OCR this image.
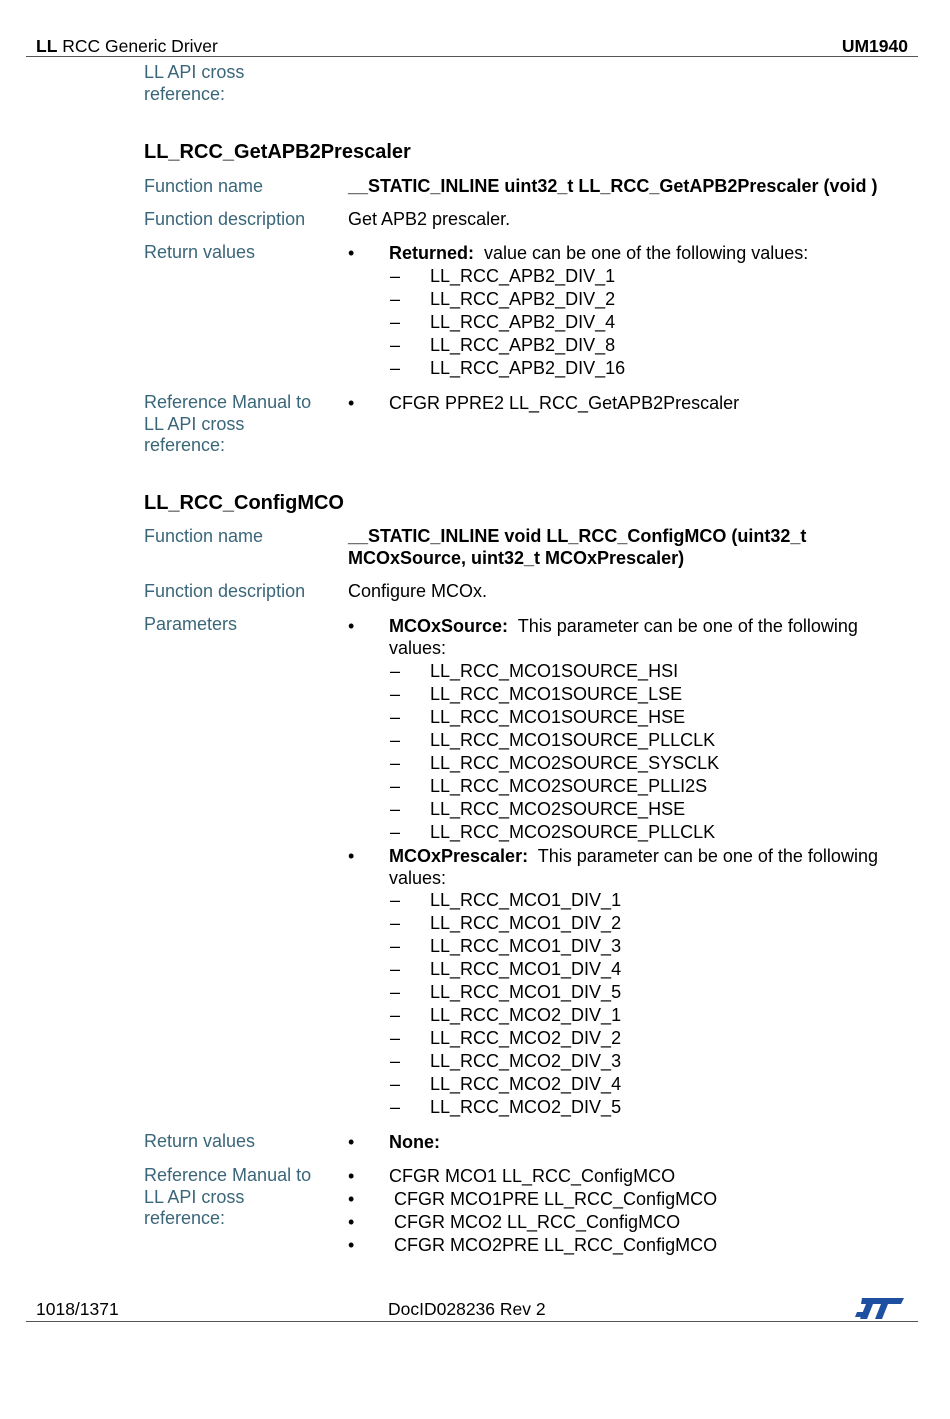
LL RCC Generic Driver	UM1940
LL API cross reference:
LL_RCC_GetAPB2Prescaler
Function name	__STATIC_INLINE uint32_t LL_RCC_GetAPB2Prescaler (void )
Function description	Get APB2 prescaler.
Return values	• Returned: value can be one of the following values:
– LL_RCC_APB2_DIV_1
– LL_RCC_APB2_DIV_2
– LL_RCC_APB2_DIV_4
– LL_RCC_APB2_DIV_8
– LL_RCC_APB2_DIV_16
Reference Manual to LL API cross reference:
• CFGR PPRE2 LL_RCC_GetAPB2Prescaler
LL_RCC_ConfigMCO
Function name	__STATIC_INLINE void LL_RCC_ConfigMCO (uint32_t MCOxSource, uint32_t MCOxPrescaler)
Function description	Configure MCOx.
Parameters	• MCOxSource: This parameter can be one of the following values:
– LL_RCC_MCO1SOURCE_HSI
– LL_RCC_MCO1SOURCE_LSE
– LL_RCC_MCO1SOURCE_HSE
– LL_RCC_MCO1SOURCE_PLLCLK
– LL_RCC_MCO2SOURCE_SYSCLK
– LL_RCC_MCO2SOURCE_PLLI2S
– LL_RCC_MCO2SOURCE_HSE
– LL_RCC_MCO2SOURCE_PLLCLK
• MCOxPrescaler: This parameter can be one of the following values:
– LL_RCC_MCO1_DIV_1
– LL_RCC_MCO1_DIV_2
– LL_RCC_MCO1_DIV_3
– LL_RCC_MCO1_DIV_4
– LL_RCC_MCO1_DIV_5
– LL_RCC_MCO2_DIV_1
– LL_RCC_MCO2_DIV_2
– LL_RCC_MCO2_DIV_3
– LL_RCC_MCO2_DIV_4
– LL_RCC_MCO2_DIV_5
Return values	• None:
Reference Manual to LL API cross reference:
• CFGR MCO1 LL_RCC_ConfigMCO
• CFGR MCO1PRE LL_RCC_ConfigMCO
• CFGR MCO2 LL_RCC_ConfigMCO
• CFGR MCO2PRE LL_RCC_ConfigMCO
1018/1371	DocID028236 Rev 2
